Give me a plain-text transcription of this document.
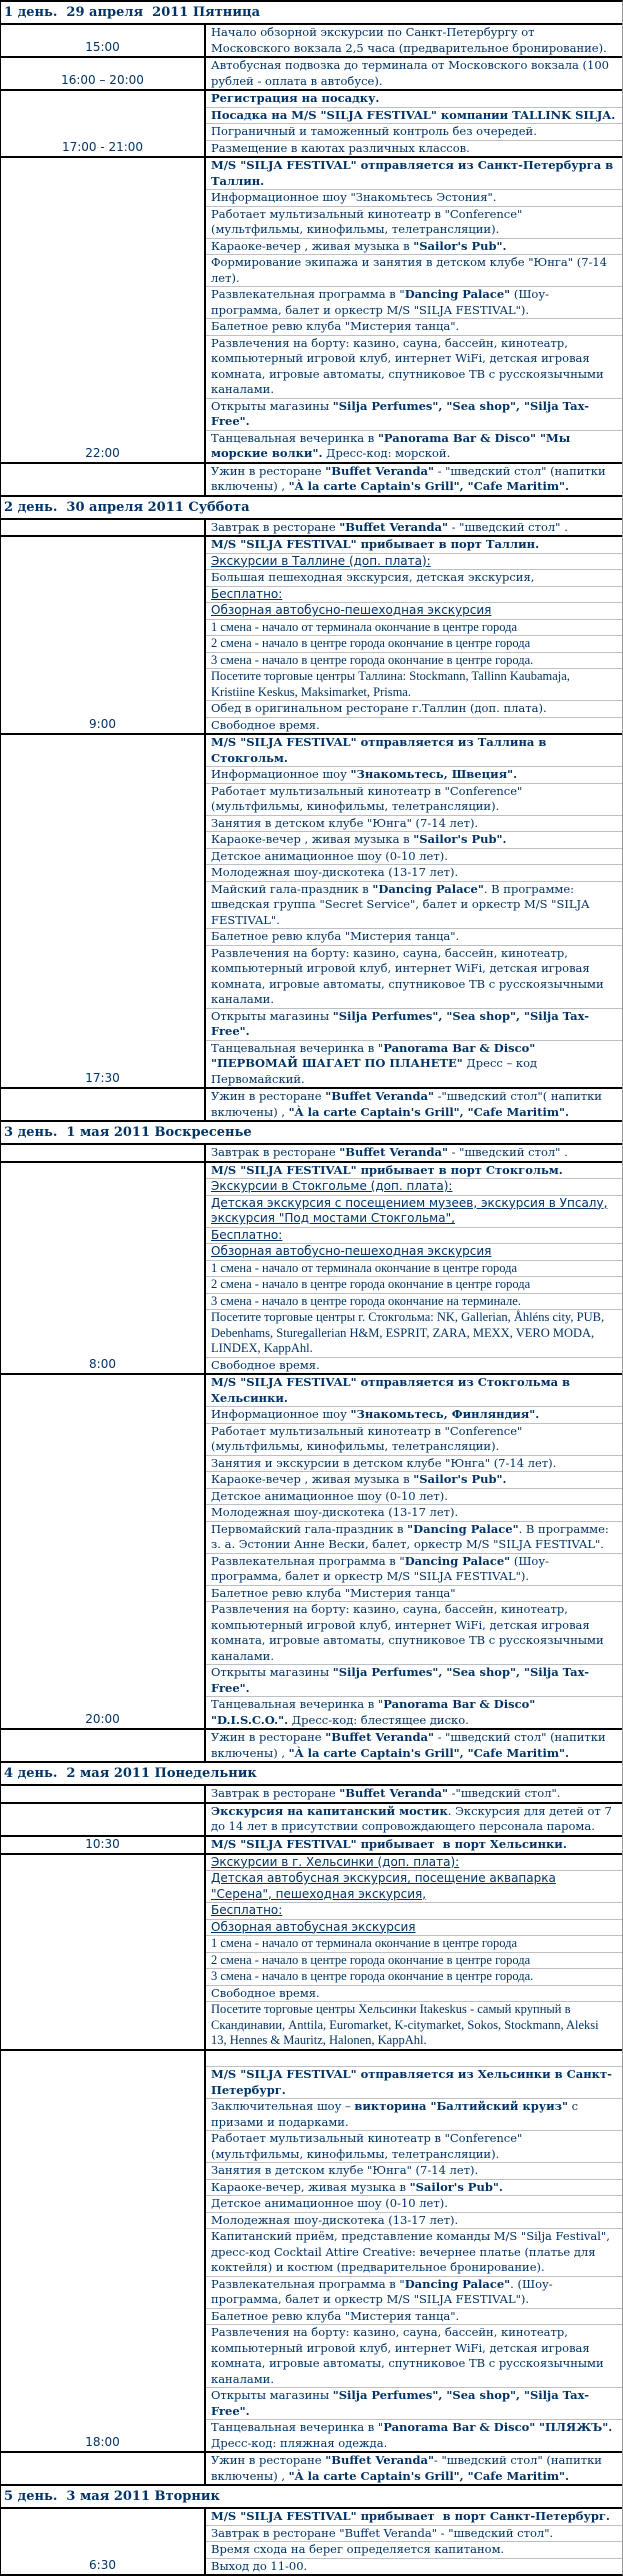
1 день.  29 апреля  2011 Пятница
15:00
Начало обзорной экскурсии по Санкт-Петербургу от Московского вокзала 2,5 часа (предварительное бронирование).
16:00 – 20:00
Автобусная подвозка до терминала от Московского вокзала (100 рублей - оплата в автобусе).
17:00 - 21:00
Регистрация на посадку.
Посадка на M/S "SILJA FESTIVAL" компании TALLINK SILJA.
Пограничный и таможенный контроль без очередей.
Размещение в каютах различных классов.
22:00
M/S "SILJA FESTIVAL" отправляется из Санкт-Петербурга в Таллин.
Информационное шоу "Знакомьтесь Эстония".
Работает мультизальный кинотеатр в "Conference" (мультфильмы, кинофильмы, телетрансляции).
Караоке-вечер , живая музыка в "Sailor's Pub".
Формирование экипажа и занятия в детском клубе "Юнга" (7-14 лет).
Развлекательная программа в "Dancing Palace" (Шоу-программа, балет и оркестр M/S "SILJA FESTIVAL").
Балетное ревю клуба "Мистерия танца".
Развлечения на борту: казино, сауна, бассейн, кинотеатр, компьютерный игровой клуб, интернет WiFi, детская игровая комната, игровые автоматы, спутниковое ТВ с русскоязычными каналами.
Открыты магазины "Silja Perfumes", "Sea shop", "Silja Tax-Free".
Танцевальная вечеринка в "Panorama Bar & Disco" "Мы морские волки". Дресс-код: морской.
Ужин в ресторане "Buffet Veranda" - "шведский стол" (напитки включены) , "À la carte Captain's Grill", "Cafe Maritim".
2 день.  30 апреля 2011 Суббота
Завтрак в ресторане "Buffet Veranda" - "шведский стол" .
9:00
M/S "SILJA FESTIVAL" прибывает в порт Таллин.
Экскурсии в Таллине (доп. плата):
Большая пешеходная экскурсия, детская экскурсия,
Бесплатно:
Обзорная автобусно-пешеходная экскурсия
1 смена - начало от терминала окончание в центре города
2 смена - начало в центре города окончание в центре города
3 смена - начало в центре города окончание в центре города.
Посетите торговые центры Таллина: Stockmann, Tallinn Kaubamaja, Kristiine Keskus, Maksimarket, Prisma.
Обед в оригинальном ресторане г.Таллин (доп. плата).
Свободное время.
17:30
M/S "SILJA FESTIVAL" отправляется из Таллина в Стокгольм.
Информационное шоу "Знакомьтесь, Швеция".
Работает мультизальный кинотеатр в "Conference" (мультфильмы, кинофильмы, телетрансляции).
Занятия в детском клубе "Юнга" (7-14 лет).
Караоке-вечер , живая музыка в "Sailor's Pub".
Детское анимационное шоу (0-10 лет).
Молодежная шоу-дискотека (13-17 лет).
Майский гала-праздник в "Dancing Palace". В программе: шведская группа "Secret Service", балет и оркестр M/S "SILJA FESTIVAL".
Балетное ревю клуба "Мистерия танца".
Развлечения на борту: казино, сауна, бассейн, кинотеатр, компьютерный игровой клуб, интернет WiFi, детская игровая комната, игровые автоматы, спутниковое ТВ с русскоязычными каналами.
Открыты магазины "Silja Perfumes", "Sea shop", "Silja Tax-Free".
Танцевальная вечеринка в "Panorama Bar & Disco" "ПЕРВОМАЙ ШАГАЕТ ПО ПЛАНЕТЕ" Дресс – код Первомайский.
Ужин в ресторане "Buffet Veranda" -"шведский стол"( напитки включены) , "À la carte Captain's Grill", "Cafe Maritim".
3 день.  1 мая 2011 Воскресенье
Завтрак в ресторане "Buffet Veranda" - "шведский стол" .
8:00
M/S "SILJA FESTIVAL" прибывает в порт Стокгольм.
Экскурсии в Стокгольме (доп. плата):
Детская экскурсия с посещением музеев, экскурсия в Упсалу, экскурсия "Под мостами Стокгольма",
Бесплатно:
Обзорная автобусно-пешеходная экскурсия
1 смена - начало от терминала окончание в центре города
2 смена - начало в центре города окончание в центре города
3 смена - начало в центре города окончание на терминале.
Посетите торговые центры г. Стокгольма: NK, Gallerian, Åhléns city, PUB, Debenhams, Sturegallerian H&M, ESPRIT, ZARA, MEXX, VERO MODA, LINDEX, KappAhl.
Свободное время.
20:00
M/S "SILJA FESTIVAL" отправляется из Стокгольма в Хельсинки.
Информационное шоу "Знакомьтесь, Финляндия".
Работает мультизальный кинотеатр в "Conference" (мультфильмы, кинофильмы, телетрансляции).
Занятия и экскурсии в детском клубе "Юнга" (7-14 лет).
Караоке-вечер , живая музыка в "Sailor's Pub".
Детское анимационное шоу (0-10 лет).
Молодежная шоу-дискотека (13-17 лет).
Первомайский гала-праздник в "Dancing Palace". В программе: з. а. Эстонии Анне Вески, балет, оркестр M/S "SILJA FESTIVAL".
Развлекательная программа в "Dancing Palace" (Шоу-программа, балет и оркестр M/S "SILJA FESTIVAL").
Балетное ревю клуба "Мистерия танца"
Развлечения на борту: казино, сауна, бассейн, кинотеатр, компьютерный игровой клуб, интернет WiFi, детская игровая комната, игровые автоматы, спутниковое ТВ с русскоязычными каналами.
Открыты магазины "Silja Perfumes", "Sea shop", "Silja Tax-Free".
Танцевальная вечеринка в "Panorama Bar & Disco" "D.I.S.C.O.". Дресс-код: блестящее диско.
Ужин в ресторане "Buffet Veranda" - "шведский стол" (напитки включены) , "À la carte Captain's Grill", "Cafe Maritim".
4 день.  2 мая 2011 Понедельник
Завтрак в ресторане "Buffet Veranda" -"шведский стол".
Экскурсия на капитанский мостик. Экскурсия для детей от 7 до 14 лет в присутствии сопровождающего персонала парома.
10:30	M/S "SILJA FESTIVAL" прибывает  в порт Хельсинки.
Экскурсии в г. Хельсинки (доп. плата):
Детская автобусная экскурсия, посещение аквапарка "Серена", пешеходная экскурсия,
Бесплатно:
Обзорная автобусная экскурсия
1 смена - начало от терминала окончание в центре города
2 смена - начало в центре города окончание в центре города
3 смена - начало в центре города окончание в центре города.
Свободное время.
Посетите торговые центры Хельсинки Itakeskus - самый крупный в Скандинавии, Anttila, Euromarket, K-citymarket, Sokos, Stockmann, Aleksi 13, Hennes & Mauritz, Halonen, KappAhl.
18:00

M/S "SILJA FESTIVAL" отправляется из Хельсинки в Санкт-Петербург.
Заключительная шоу – викторина "Балтийский круиз" с призами и подарками.
Работает мультизальный кинотеатр в "Conference" (мультфильмы, кинофильмы, телетрансляции).
Занятия в детском клубе "Юнга" (7-14 лет).
Караоке-вечер, живая музыка в "Sailor's Pub".
Детское анимационное шоу (0-10 лет).
Молодежная шоу-дискотека (13-17 лет).
Капитанский приём, представление команды M/S "Silja Festival", дресс-код Cocktail Attire Creative: вечернее платье (платье для коктейля) и костюм (предварительное бронирование).
Развлекательная программа в "Dancing Palace". (Шоу-программа, балет и оркестр M/S "SILJA FESTIVAL").
Балетное ревю клуба "Мистерия танца".
Развлечения на борту: казино, сауна, бассейн, кинотеатр, компьютерный игровой клуб, интернет WiFi, детская игровая комната, игровые автоматы, спутниковое ТВ с русскоязычными каналами.
Открыты магазины "Silja Perfumes", "Sea shop", "Silja Tax-Free".
Танцевальная вечеринка в "Panorama Bar & Disco" "ПЛЯЖЪ". Дресс-код: пляжная одежда.
Ужин в ресторане "Buffet Veranda"- "шведский стол" (напитки включены) , "À la carte Captain's Grill", "Cafe Maritim".
5 день.  3 мая 2011 Вторник
6:30
M/S "SILJA FESTIVAL" прибывает  в порт Санкт-Петербург.
Завтрак в ресторане "Buffet Veranda" - "шведский стол".
Время схода на берег определяется капитаном.
Выход до 11-00.
